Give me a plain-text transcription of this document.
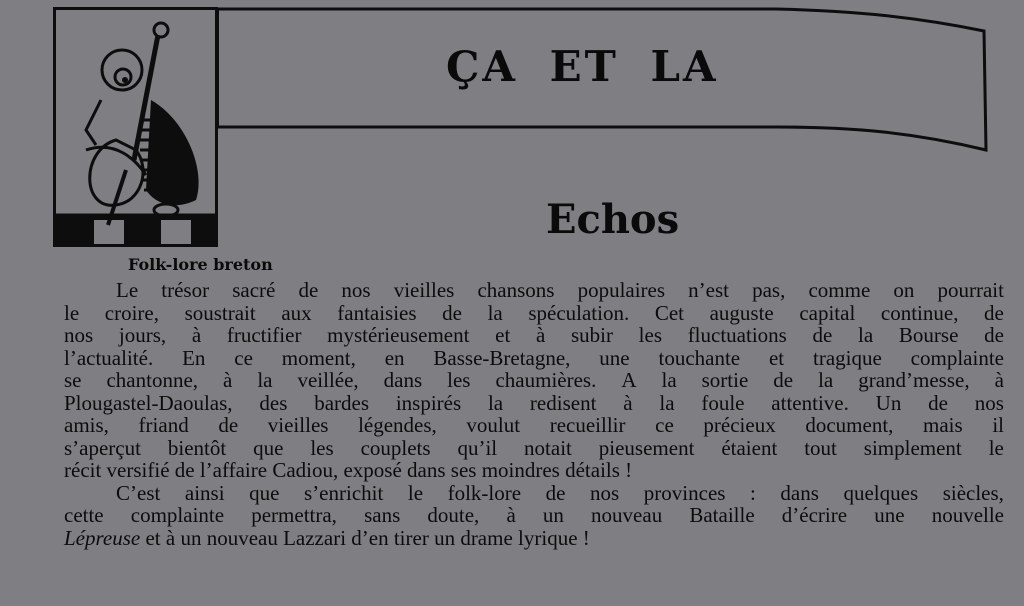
ÇA ET LA
Echos
Folk-lore breton
Le trésor sacré de nos vieilles chansons populaires n’est pas, comme on pourrait
le croire, soustrait aux fantaisies de la spéculation. Cet auguste capital continue, de
nos jours, à fructifier mystérieusement et à subir les fluctuations de la Bourse de
l’actualité. En ce moment, en Basse-Bretagne, une touchante et tragique complainte
se chantonne, à la veillée, dans les chaumières. A la sortie de la grand’messe, à
Plougastel-Daoulas, des bardes inspirés la redisent à la foule attentive. Un de nos
amis, friand de vieilles légendes, voulut recueillir ce précieux document, mais il
s’aperçut bientôt que les couplets qu’il notait pieusement étaient tout simplement le
récit versifié de l’affaire Cadiou, exposé dans ses moindres détails !
C’est ainsi que s’enrichit le folk-lore de nos provinces : dans quelques siècles,
cette complainte permettra, sans doute, à un nouveau Bataille d’écrire une nouvelle
Lépreuse et à un nouveau Lazzari d’en tirer un drame lyrique !
